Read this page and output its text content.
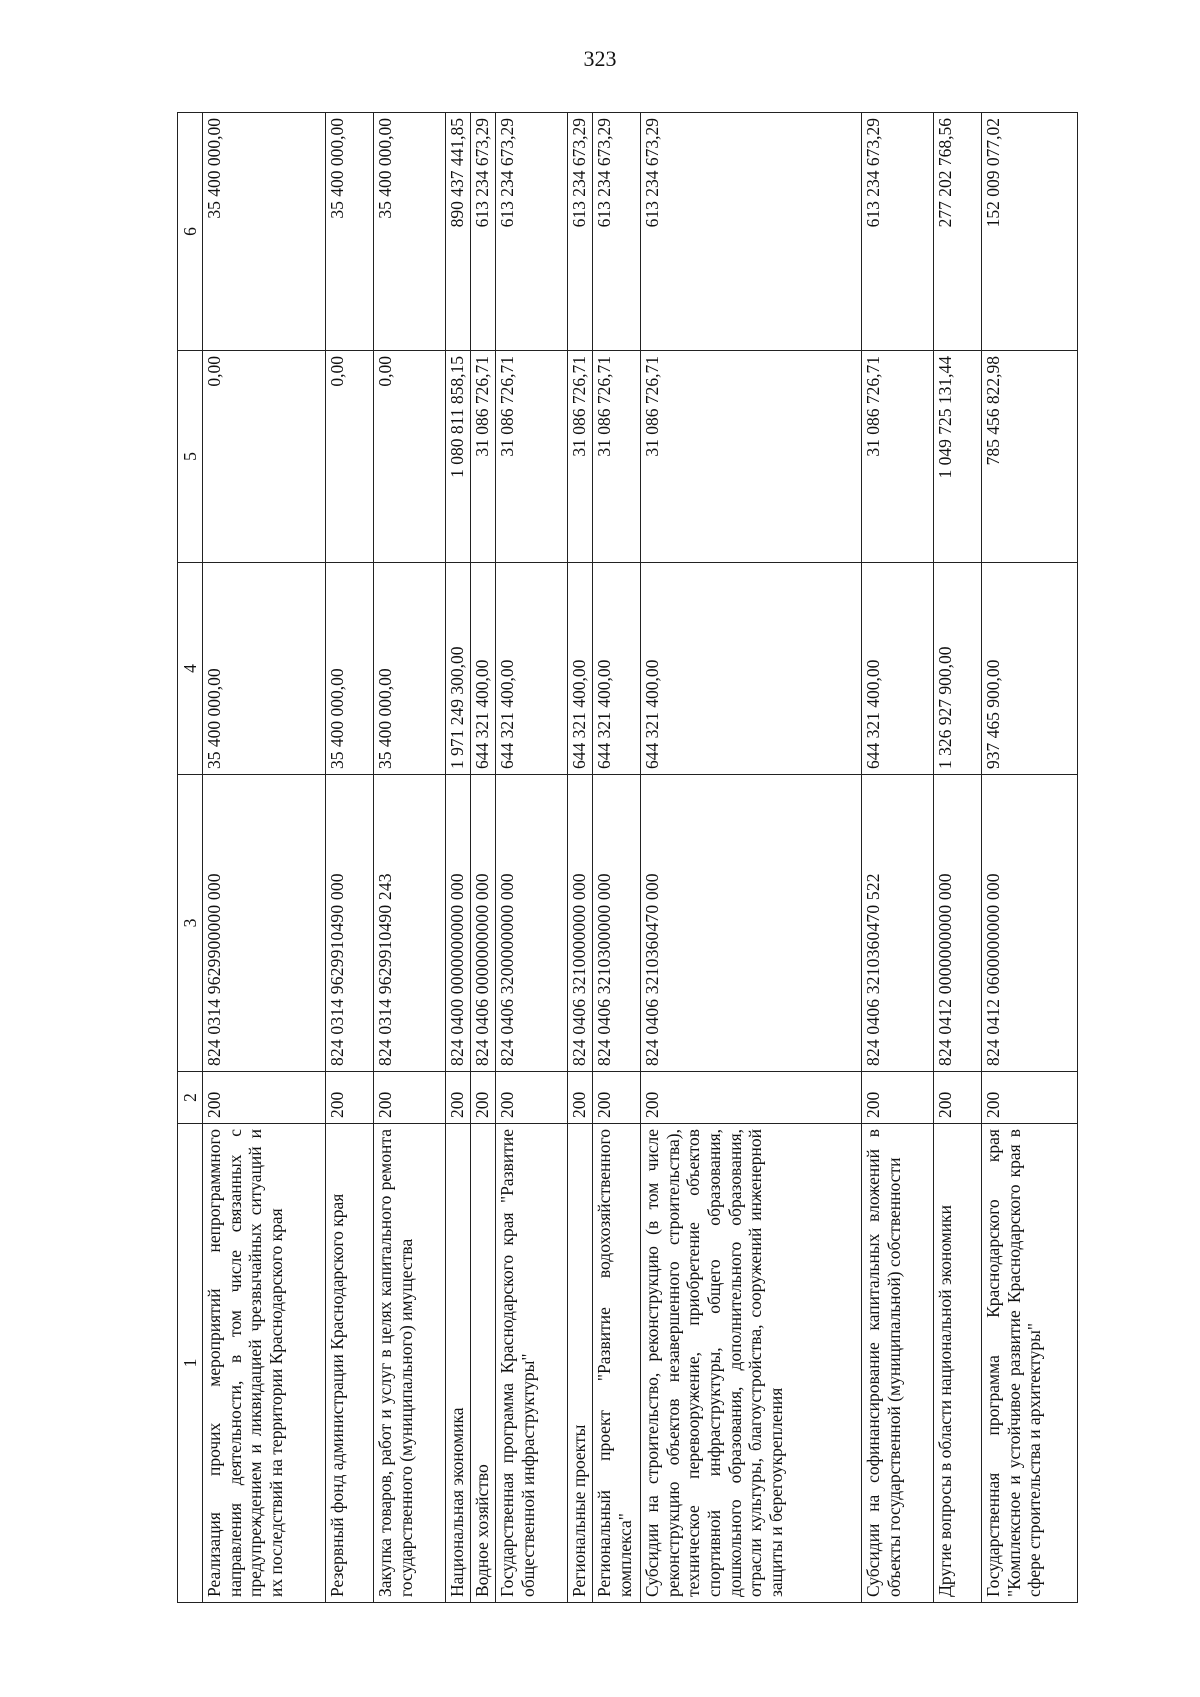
323
1	2	3	4	5	6
Реализация прочих мероприятий непрограммного направления деятельности, в том числе связанных с предупреждением и ликвидацией чрезвычайных ситуаций и их последствий на территории Краснодарского края	200	824 0314 9629900000 000	35 400 000,00	0,00	35 400 000,00
Резервный фонд администрации Краснодарского края	200	824 0314 9629910490 000	35 400 000,00	0,00	35 400 000,00
Закупка товаров, работ и услуг в целях капитального ремонта государственного (муниципального) имущества	200	824 0314 9629910490 243	35 400 000,00	0,00	35 400 000,00
Национальная экономика	200	824 0400 0000000000 000	1 971 249 300,00	1 080 811 858,15	890 437 441,85
Водное хозяйство	200	824 0406 0000000000 000	644 321 400,00	31 086 726,71	613 234 673,29
Государственная программа Краснодарского края "Развитие общественной инфраструктуры"	200	824 0406 3200000000 000	644 321 400,00	31 086 726,71	613 234 673,29
Региональные проекты	200	824 0406 3210000000 000	644 321 400,00	31 086 726,71	613 234 673,29
Региональный проект "Развитие водохозяйственного комплекса"	200	824 0406 3210300000 000	644 321 400,00	31 086 726,71	613 234 673,29
Субсидии на строительство, реконструкцию (в том числе реконструкцию объектов незавершенного строительства), техническое перевооружение, приобретение объектов спортивной инфраструктуры, общего образования, дошкольного образования, дополнительного образования, отрасли культуры, благоустройства, сооружений инженерной защиты и берегоукрепления	200	824 0406 3210360470 000	644 321 400,00	31 086 726,71	613 234 673,29
Субсидии на софинансирование капитальных вложений в объекты государственной (муниципальной) собственности	200	824 0406 3210360470 522	644 321 400,00	31 086 726,71	613 234 673,29
Другие вопросы в области национальной экономики	200	824 0412 0000000000 000	1 326 927 900,00	1 049 725 131,44	277 202 768,56
Государственная программа Краснодарского края "Комплексное и устойчивое развитие Краснодарского края в сфере строительства и архитектуры"	200	824 0412 0600000000 000	937 465 900,00	785 456 822,98	152 009 077,02
